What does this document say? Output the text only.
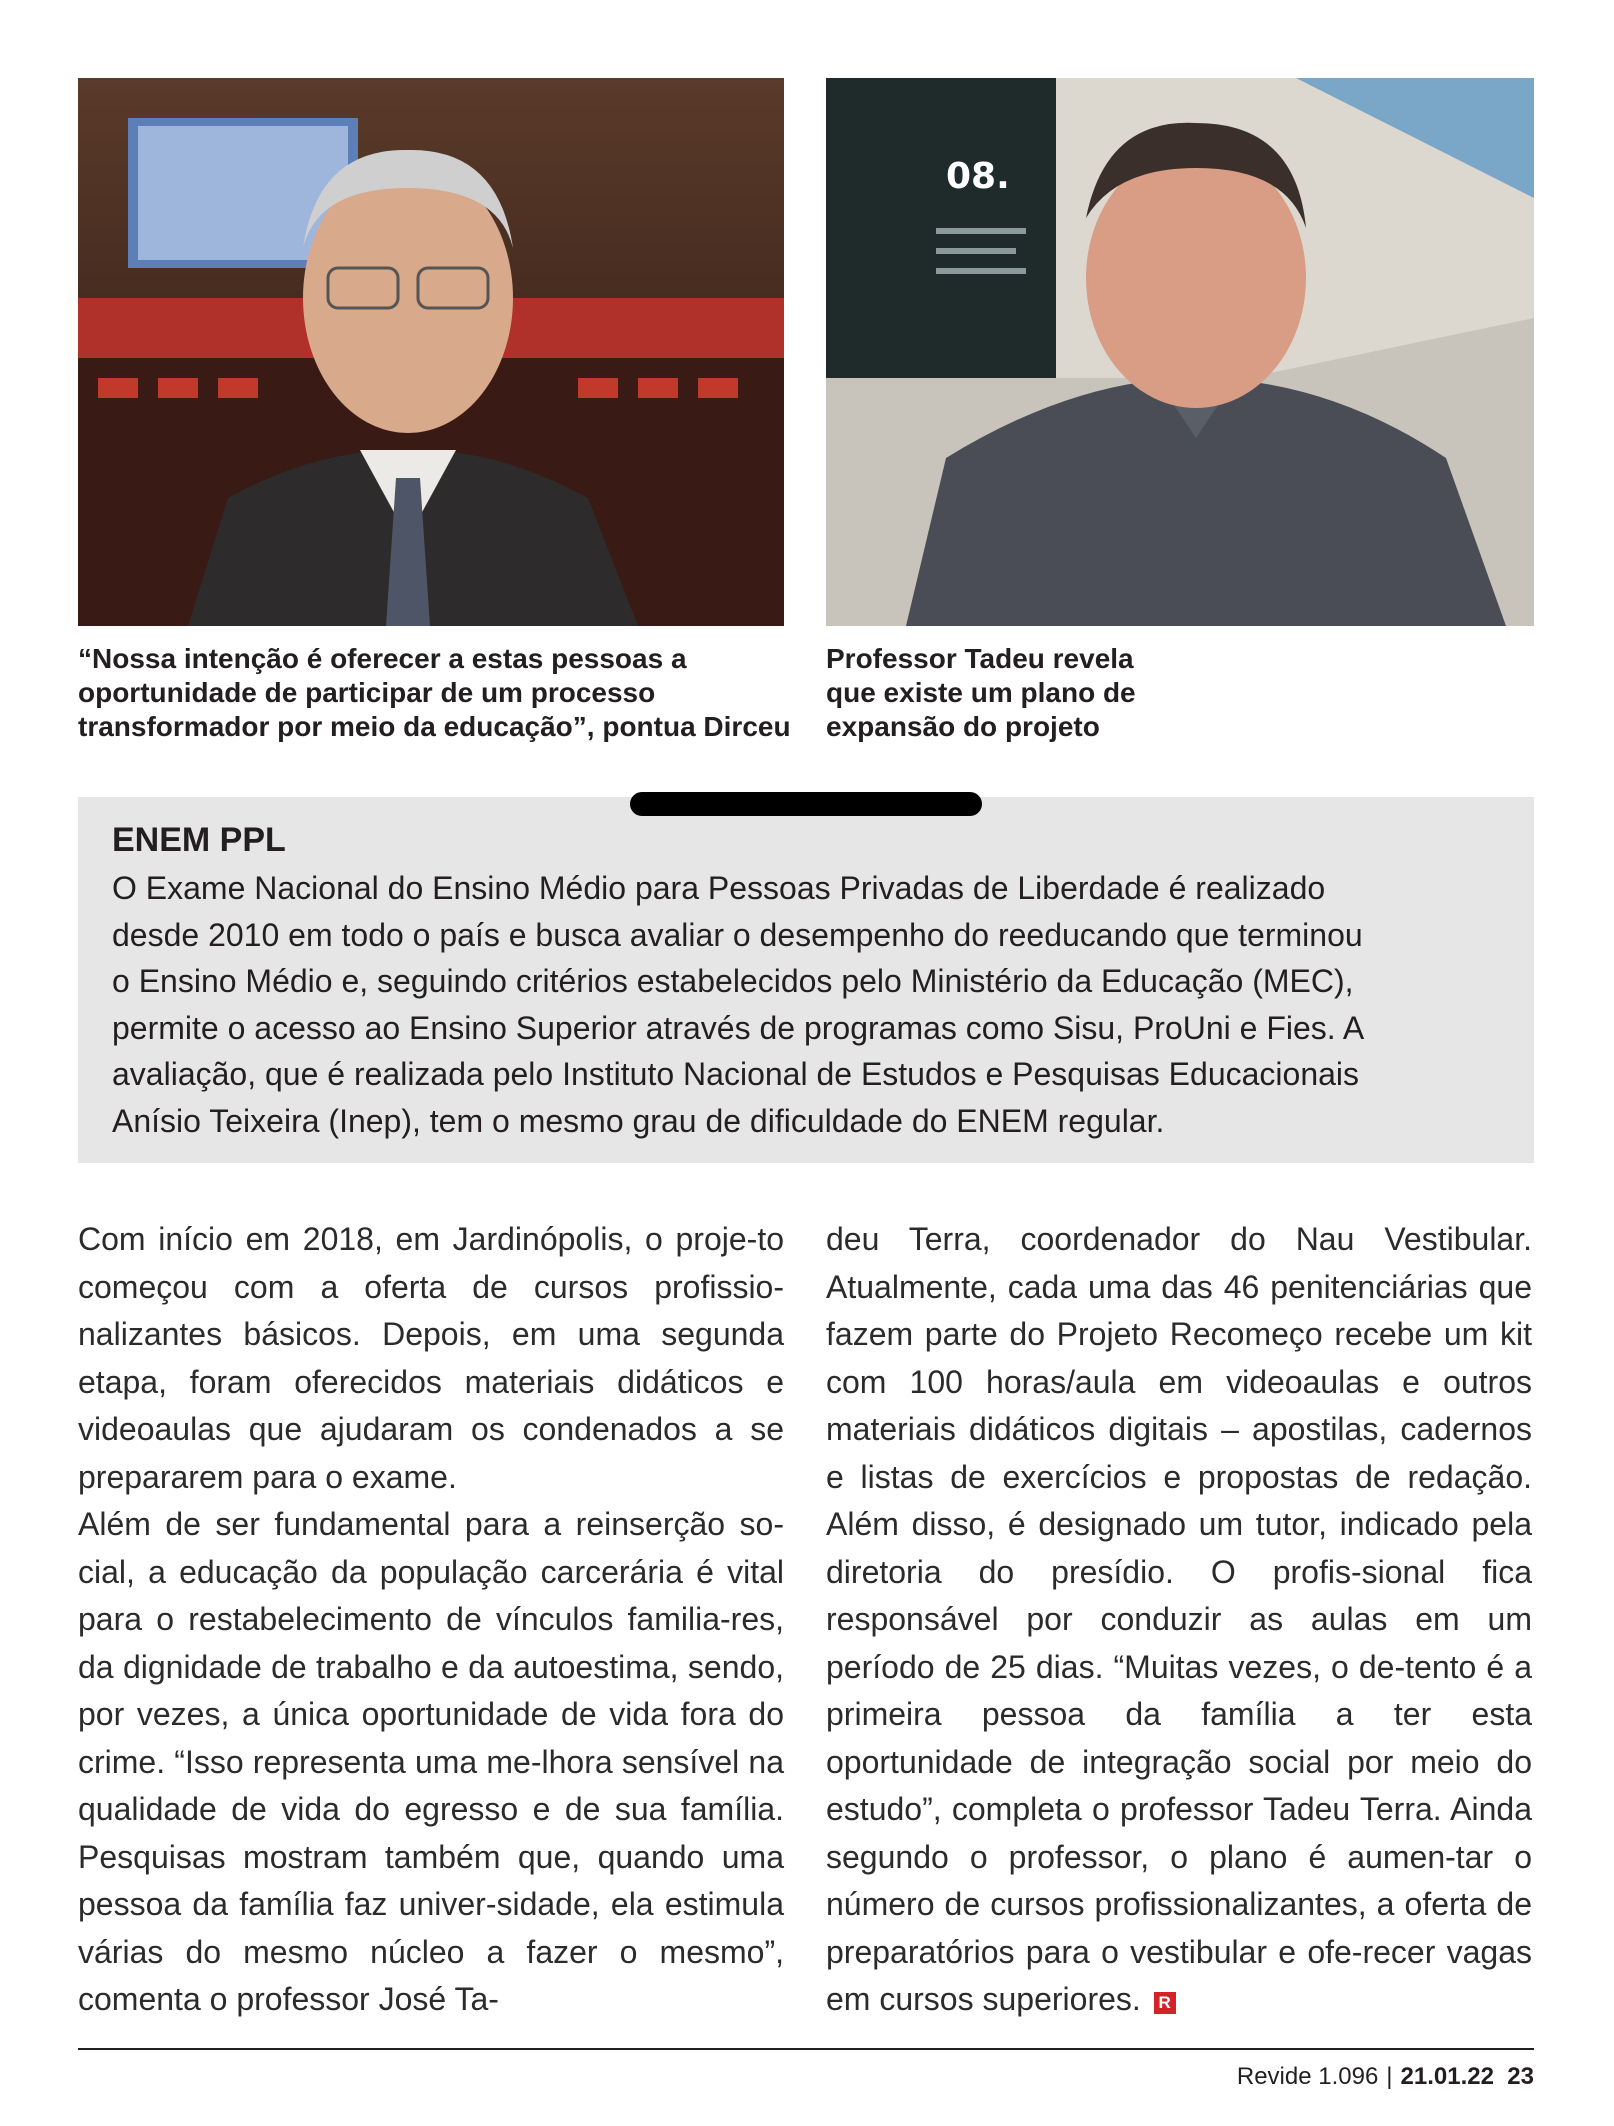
08.
“Nossa intenção é oferecer a estas pessoas a
oportunidade de participar de um processo
transformador por meio da educação”, pontua Dirceu
Professor Tadeu revela
que existe um plano de
expansão do projeto
ENEM PPL
O Exame Nacional do Ensino Médio para Pessoas Privadas de Liberdade é realizado
desde 2010 em todo o país e busca avaliar o desempenho do reeducando que terminou
o Ensino Médio e, seguindo critérios estabelecidos pelo Ministério da Educação (MEC),
permite o acesso ao Ensino Superior através de programas como Sisu, ProUni e Fies. A
avaliação, que é realizada pelo Instituto Nacional de Estudos e Pesquisas Educacionais
Anísio Teixeira (Inep), tem o mesmo grau de dificuldade do ENEM regular.

Com início em 2018, em Jardinópolis, o proje-to começou com a oferta de cursos profissio-nalizantes básicos. Depois, em uma segunda etapa, foram oferecidos materiais didáticos e videoaulas que ajudaram os condenados a se prepararem para o exame.

Além de ser fundamental para a reinserção so-cial, a educação da população carcerária é vital para o restabelecimento de vínculos familia-res, da dignidade de trabalho e da autoestima, sendo, por vezes, a única oportunidade de vida fora do crime. “Isso representa uma me-lhora sensível na qualidade de vida do egresso e de sua família. Pesquisas mostram também que, quando uma pessoa da família faz univer-sidade, ela estimula várias do mesmo núcleo a fazer o mesmo”, comenta o professor José Ta-

deu Terra, coordenador do Nau Vestibular. Atualmente, cada uma das 46 penitenciárias que fazem parte do Projeto Recomeço recebe um kit com 100 horas/aula em videoaulas e outros materiais didáticos digitais – apostilas, cadernos e listas de exercícios e propostas de redação. Além disso, é designado um tutor, indicado pela diretoria do presídio. O profis-sional fica responsável por conduzir as aulas em um período de 25 dias. “Muitas vezes, o de-tento é a primeira pessoa da família a ter esta oportunidade de integração social por meio do estudo”, completa o professor Tadeu Terra. Ainda segundo o professor, o plano é aumen-tar o número de cursos profissionalizantes, a oferta de preparatórios para o vestibular e ofe-recer vagas em cursos superiores. R

Revide 1.096 | 21.01.22 23
